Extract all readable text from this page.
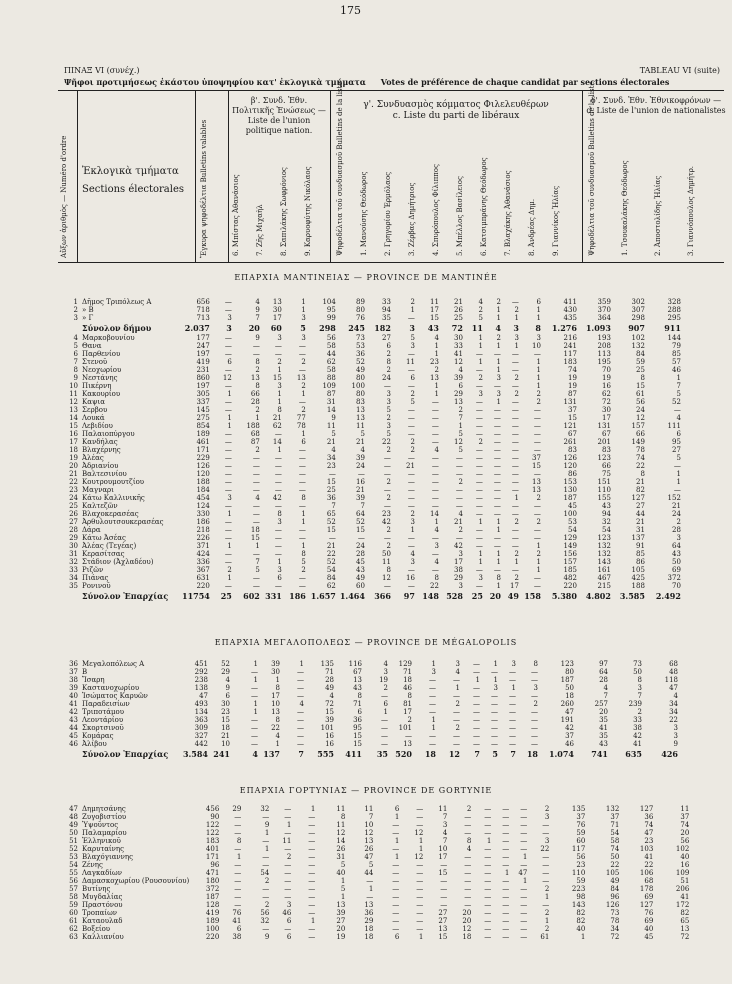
175
ΠΙΝΑΞ VI (συνέχ.)	TABLEAU VI (suite)
Ψῆφοι προτιμήσεως ἑκάστου ὑποψηφίου κατ' ἐκλογικὰ τμήματα Votes de préférence de chaque candidat par sections électorales
β'. Συνδ. Ἐθν. Πολιτικῆς Ἑνώσεως — Liste de l'union politique nation.
γ'. Συνδυασμὸς κόμματος Φιλελευθέρων
c. Liste du parti de libéraux
δ'. Συνδ. Ἐθν. Ἐθνικοφρόνων — d. Liste de l'union de nationalistes
Αὔξων ἀριθμὸς — Numéro d'ordre Ἐκλογικὰ τμήματα
Sections électorales Ἔγκυρα ψηφοδέλτια Bulletins valables	6. Μπίστας Ἀθανάσιος 7. Ζῆς Μιχαὴλ 8. Σαπιλάκης Σωφρόνιος 9. Καρυοφύτης Νικόλαος	Ψηφοδέλτια τοῦ συνδυασμοῦ Bulletins de la liste 1. Μανούσης Θεόδωρος 2. Γρηγορίου Ἑρμόλαος 3. Ζέρβας Δημήτριος 4. Σπυρόπουλος Φίλιππος 5. Μπέλλος Βασίλειος 6. Κατσιμπράνης Θεόδωρος 7. Βλαχάκης Ἀθανάσιος 8. Ἀνδρέας Δημ. 9. Γιαννίκος Ἠλίας	Ψηφοδέλτια τοῦ συνδυασμοῦ Bulletins de la liste	1. Τσουκαλάκης Θεόδωρος	2. Ἀποστολίδης Ἠλίας	3. Γιαννόπουλος Δημήτρ.
ΕΠΑΡΧΙΑ ΜΑΝΤΙΝΕΙΑΣ — PROVINCE DE MANTINÉE
1	Δῆμος Τριπόλεως Α	656	—	4	13	1	104	89	33	2	11	21	4	2	—	6	411	359	302	328
2	» Β	718	—	9	30	1	95	80	94	1	17	26	2	1	2	1	430	370	307	288
3	» Γ	713	3	7	17	3	99	76	35	—	15	25	5	1	1	1	435	364	298	295
	Σύνολον δήμου	2.037	3	20	60	5	298	245	182	3	43	72	11	4	3	8	1.276	1.093	907	911
4	Μαρκοβουνίου	177	—	9	3	3	56	73	27	5	4	30	1	2	3	3	216	193	102	144
5	Θανα	247	—	—	—	—	58	53	6	3	1	33	1	1	1	10	241	208	132	79
6	Παρθενίου	197	—	—	—	—	44	36	2	—	1	41	—	—	—	—	117	113	84	85
7	Στενοῦ	419	6	8	2	2	62	52	8	11	23	12	1	1	—	1	183	195	59	57
8	Νεοχωρίου	231	—	2	1	—	58	49	2	—	2	4	—	1	—	1	74	70	25	46
9	Νεστάνης	860	12	13	15	13	88	80	24	6	13	39	2	3	2	1	19	19	8	1
10	Πικέρνη	197	—	8	3	2	109	100	—	—	1	6	—	—	—	1	19	16	15	7
11	Κακουρίου	305	1	66	1	1	87	80	3	2	1	29	3	3	2	2	87	62	61	5
12	Καψια	337	—	28	1	—	31	83	3	5	—	13	—	1	—	2	131	72	56	52
13	Σερβου	145	—	2	8	2	14	13	5	—	—	2	—	—	—	—	37	30	24	—
14	Λουκά	275	1	1	21	77	9	13	2	—	—	7	—	—	—	—	15	17	12	4
15	Λεβιδίου	854	1	188	62	78	11	11	3	—	—	1	—	—	—	—	121	131	157	111
16	Παλαιοπύργου	189	—	68	—	1	5	5	5	—	—	5	—	—	—	—	67	67	66	6
17	Κανδήλας	461	—	87	14	6	21	21	22	2	—	12	2	—	—	—	261	201	149	95
18	Βλαχέρνης	171	—	2	1	—	4	4	2	2	4	5	—	—	—	—	83	83	78	27
19	Ἀλέας	229	—	—	—	—	34	39	—	—	—	—	—	—	—	37	126	123	74	5
20	Ἀδριανίου	126	—	—	—	—	23	24	—	21	—	—	—	—	—	15	120	66	22	—
21	Βαλτεσινίου	120	—	—	—	—	—	—	—	—	—	—	—	—	—	—	86	75	8	1
22	Κουτρουμουτζίου	188	—	—	—	—	15	16	2	—	—	2	—	—	—	13	153	151	21	1
23	Μαγναρι	184	—	—	—	—	25	21	—	—	—	—	—	—	—	13	130	110	82	—
24	Κάτω Καλλινικῆς	454	3	4	42	8	36	39	2	—	—	—	—	—	1	2	187	155	127	152
25	Καλτεζῶν	124	—	—	—	—	7	7	—	—	—	—	—	—	—	—	45	43	27	21
26	Βλαχοκερασέας	330	1	—	8	1	65	64	23	2	14	4	—	—	—	—	100	94	44	24
27	Ἀρθυλουτσουκερασέας	186	—	—	3	1	52	52	42	3	1	21	1	1	2	2	53	32	21	2
28	Δάρα	218	—	18	—	—	15	15	2	1	4	2	—	1	—	—	54	54	31	28
29	Κάτω Ἀσέας	226	—	15	—	—	—	—	—	—	—	—	—	—	—	—	129	123	137	3
30	Ἀλέας (Τεγέας)	371	1	1	—	1	21	24	2	—	3	42	—	—	—	1	149	132	91	64
31	Κερασίτσας	424	—	—	—	8	22	28	50	4	—	3	1	1	2	2	156	132	85	43
32	Στάδιον (Ἀχλαδέου)	336	—	7	1	5	52	45	11	3	4	17	1	1	1	1	157	143	86	50
33	Ριζῶν	367	2	5	3	2	54	43	8	—	—	38	—	—	—	1	185	161	105	69
34	Πιάνας	631	1	—	6	—	84	49	12	16	8	29	3	8	2	—	482	467	425	372
35	Ρονινοῦ	220	—	—	—	—	62	60	—	—	22	3	—	1	17	—	220	215	188	70
	Σύνολον Ἐπαρχίας	11754	25	602	331	186	1.657	1.464	366	97	148	528	25	20	49	158	5.380	4.802	3.585	2.492
ΕΠΑΡΧΙΑ ΜΕΓΑΛΟΠΟΛΕΩΣ — PROVINCE DE MÉGALOPOLIS
36	Μεγαλοπόλεως Α	451	52	1	39	1	135	116	4	129	1	3	—	1	3	8	123	97	73	68
37	Β	292	29	—	30	—	71	67	3	71	3	4	—	—	—	—	80	64	50	48
38	Ἴσαρη	238	4	1	1	—	28	13	19	18	—	—	1	1	—	—	187	28	8	118
39	Καστανοχωρίου	138	9	—	8	—	49	43	2	46	—	1	—	3	1	3	50	4	3	47
40	Ἰσώματος Καρυῶν	47	6	—	17	—	4	8	—	8	—	—	—	—	—	—	18	7	7	4
41	Παραδεισίων	493	30	1	10	4	72	71	6	81	—	2	—	—	—	2	260	257	239	34
42	Τριποτάμου	134	23	1	13	—	15	6	1	17	—	—	—	—	—	—	47	20	2	34
43	Λεοντάρίου	363	15	—	8	—	39	36	—	2	1	—	—	—	—	—	191	35	33	22
44	Σκορτσινοῦ	309	18	—	22	—	101	95	—	101	1	2	—	—	—	—	42	41	38	3
45	Κομάρας	327	21	—	4	—	16	15	—	—	—	—	—	—	—	—	37	35	42	3
46	Ἀλίβου	442	10	—	1	—	16	15	—	13	—	—	—	—	—	—	46	43	41	9
	Σύνολον Ἐπαρχίας	3.584	241	4	137	7	555	411	35	520	18	12	7	5	7	18	1.074	741	635	426
ΕΠΑΡΧΙΑ ΓΟΡΤΥΝΙΑΣ — PROVINCE DE GORTYNIE
47	Δημητσάνης	456	29	32	—	1	11	11	6	—	11	2	—	—	—	2	135	132	127	11
48	Ζυγοβιστίου	90	—	—	—	—	8	7	1	—	7	—	—	—	—	3	37	37	36	37
49	Ὑψοῦντος	122	—	9	1	—	11	10	—	—	3	—	—	—	—	—	76	71	74	74
50	Παλαμαρίου	122	—	1	—	—	12	12	—	12	4	—	—	—	—	—	59	54	47	20
51	Ἐλληνικοῦ	183	8	—	11	—	14	13	1	1	7	8	1	—	—	3	60	58	23	56
52	Καρυταίνης	401	—	1	—	—	26	26	—	1	10	4	—	—	—	22	117	74	103	102
53	Βλαχόγιαννης	171	1	—	2	—	31	47	1	12	17	—	—	—	1	—	56	50	41	40
54	Ζένης	96	—	—	—	—	5	5	—	—	—	—	—	—	—	—	23	22	22	16
55	Λαγκαδίων	471	—	54	—	—	40	44	—	—	15	—	—	1	47	—	110	105	106	109
56	Δαμασκοχωρίου (Ρουσουνίου)	180	—	2	—	—	1	—	—	—	—	—	—	—	1	—	59	49	68	51
57	Βυτίνης	372	—	—	—	—	5	1	—	—	—	—	—	—	—	2	223	84	178	206
58	Μυγδαλίας	187	—	—	—	—	1	—	—	—	—	—	—	—	—	1	98	96	69	41
59	Πραστόνου	128	—	2	3	—	13	13	—	—	—	—	—	—	—	—	143	126	127	172
60	Τροπαίων	419	76	56	46	—	39	36	—	—	27	20	—	—	—	2	82	73	76	82
61	Καταουλαδ	189	41	32	6	1	27	29	—	—	27	20	—	—	—	1	82	78	69	65
62	Βοξείου	100	6	—	—	—	20	18	—	—	13	12	—	—	—	2	40	34	40	13
63	Καλλιανίου	220	38	9	6	—	19	18	6	1	15	18	—	—	—	61	1	72	45	72
